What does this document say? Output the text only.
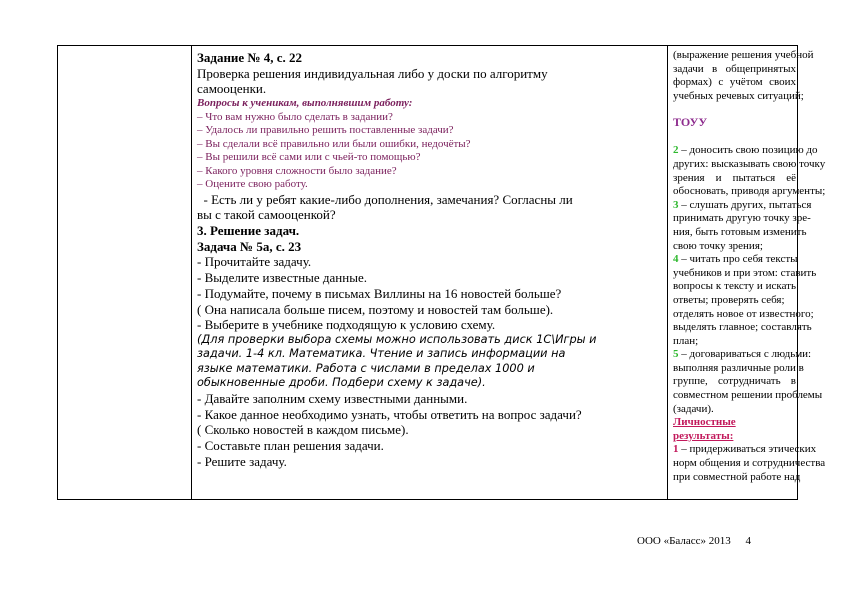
Задание № 4, с. 22
Проверка решения индивидуальная либо у доски по алгоритму
самооценки.
Вопросы к ученикам, выполнявшим работу:
– Что вам нужно было сделать в задании?
– Удалось ли правильно решить поставленные задачи?
– Вы сделали всё правильно или были ошибки, недочёты?
– Вы решили всё сами или с чьей-то помощью?
– Какого уровня сложности было задание?
– Оцените свою работу.
- Есть ли у ребят какие-либо дополнения, замечания? Согласны ли
вы с такой самооценкой?
3. Решение задач.
Задача № 5а, с. 23
- Прочитайте задачу.
- Выделите известные данные.
- Подумайте, почему в письмах Виллины на 16 новостей больше?
( Она написала больше писем, поэтому и новостей там больше).
- Выберите в учебнике подходящую к условию схему.
(Для проверки выбора схемы можно использовать диск 1С\Игры и
задачи. 1-4 кл. Математика. Чтение и запись информации на
языке математики. Работа с числами в пределах 1000 и
обыкновенные дроби. Подбери схему к задаче).
- Давайте заполним схему известными данными.
- Какое данное необходимо узнать, чтобы ответить на вопрос задачи?
( Сколько новостей в каждом письме).
- Составьте план решения задачи.
- Решите задачу.
(выражение решения учебной
задачи в общепринятых
формах) с учётом своих
учебных речевых ситуаций;
ТОУУ
2 – доносить свою позицию до
других: высказывать свою точку
зрения и пытаться её
обосновать, приводя аргументы;
3 – слушать других, пытаться
принимать другую точку зре-
ния, быть готовым изменить
свою точку зрения;
4 – читать про себя тексты
учебников и при этом: ставить
вопросы к тексту и искать
ответы; проверять себя;
отделять новое от известного;
выделять главное; составлять
план;
5 – договариваться с людьми:
выполняя различные роли в
группе, сотрудничать в
совместном решении проблемы
(задачи).
Личностные результаты:
1 – придерживаться этических
норм общения и сотрудничества
при совместной работе над
ООО «Баласс» 2013 4
